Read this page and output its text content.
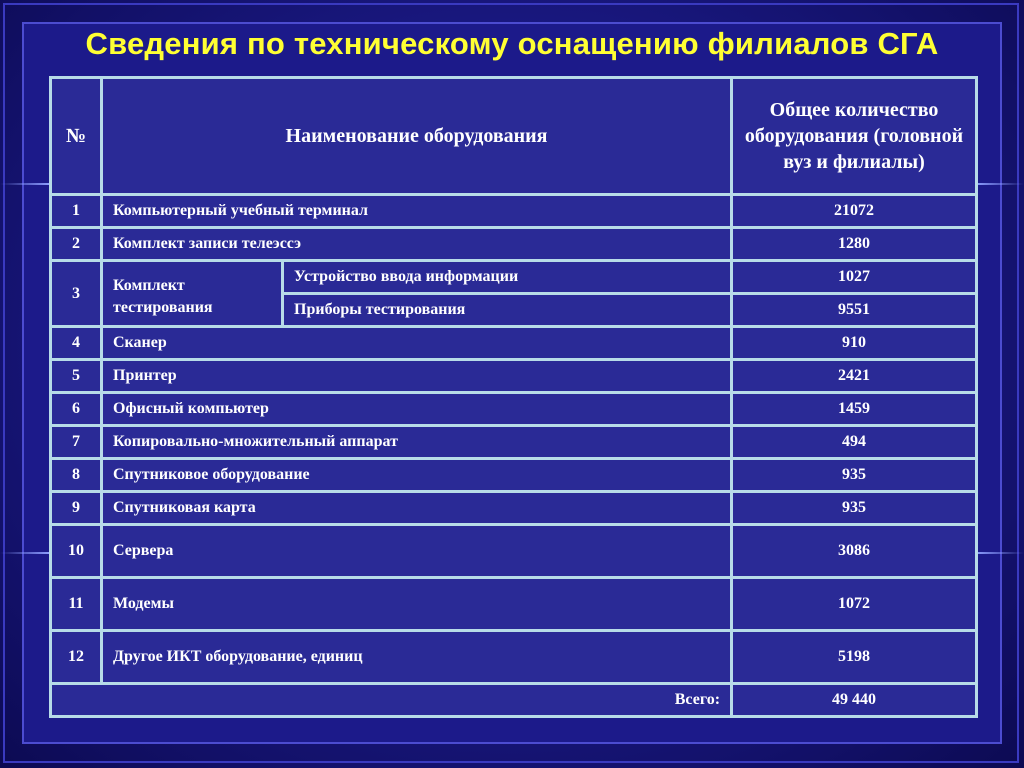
Сведения по техническому оснащению филиалов СГА
№	Наименование оборудования		Общее количество оборудования (головной вуз и филиалы)
1	Компьютерный учебный терминал		21072
2	Комплект записи телеэссэ		1280
3	Комплект тестирования	Устройство ввода информации	1027
		Приборы тестирования	9551
4	Сканер		910
5	Принтер		2421
6	Офисный компьютер		1459
7	Копировально-множительный аппарат		494
8	Спутниковое оборудование		935
9	Спутниковая карта		935
10	Сервера		3086
11	Модемы		1072
12	Другое ИКТ оборудование, единиц		5198
Всего:			49 440
